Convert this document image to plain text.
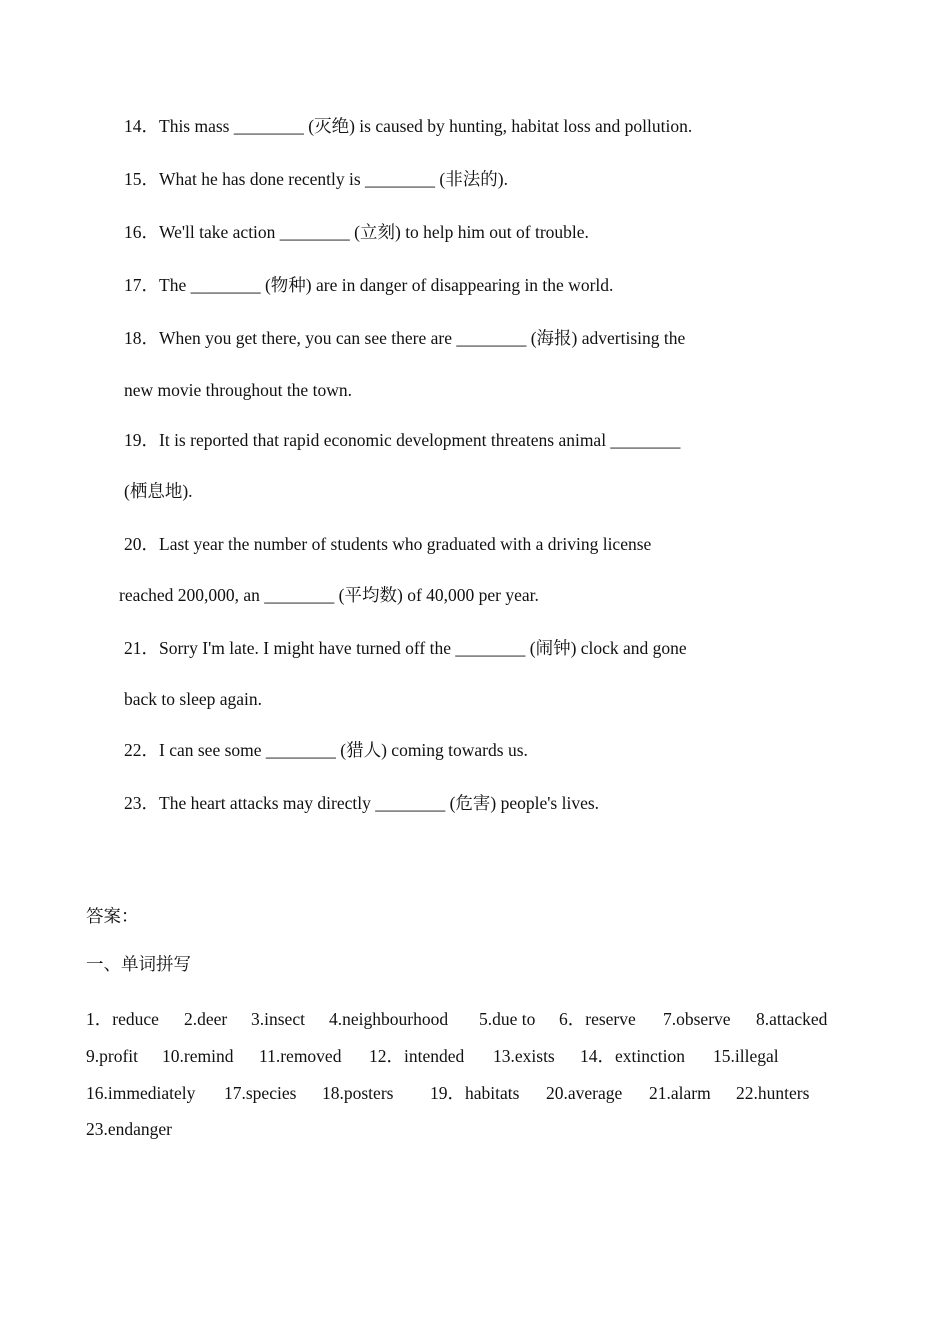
14．This mass ________ (灭绝) is caused by hunting, habitat loss and pollution.
15．What he has done recently is ________ (非法的).
16．We'll take action ________ (立刻) to help him out of trouble.
17．The ________ (物种) are in danger of disappearing in the world.
18．When you get there, you can see there are ________ (海报) advertising the
new movie throughout the town.
19．It is reported that rapid economic development threatens animal ________
(栖息地).
20．Last year the number of students who graduated with a driving license
reached 200,000, an ________ (平均数) of 40,000 per year.
21．Sorry I'm late. I might have turned off the ________ (闹钟) clock and gone
back to sleep again.
22．I can see some ________ (猎人) coming towards us.
23．The heart attacks may directly ________ (危害) people's lives.
答案：
一、单词拼写
1．reduce 2.deer 3.insect 4.neighbourhood 5.due to 6．reserve 7.observe 8.attacked
9.profit 10.remind 11.removed 12．intended 13.exists 14．extinction 15.illegal
16.immediately 17.species 18.posters 19．habitats 20.average 21.alarm 22.hunters
23.endanger
